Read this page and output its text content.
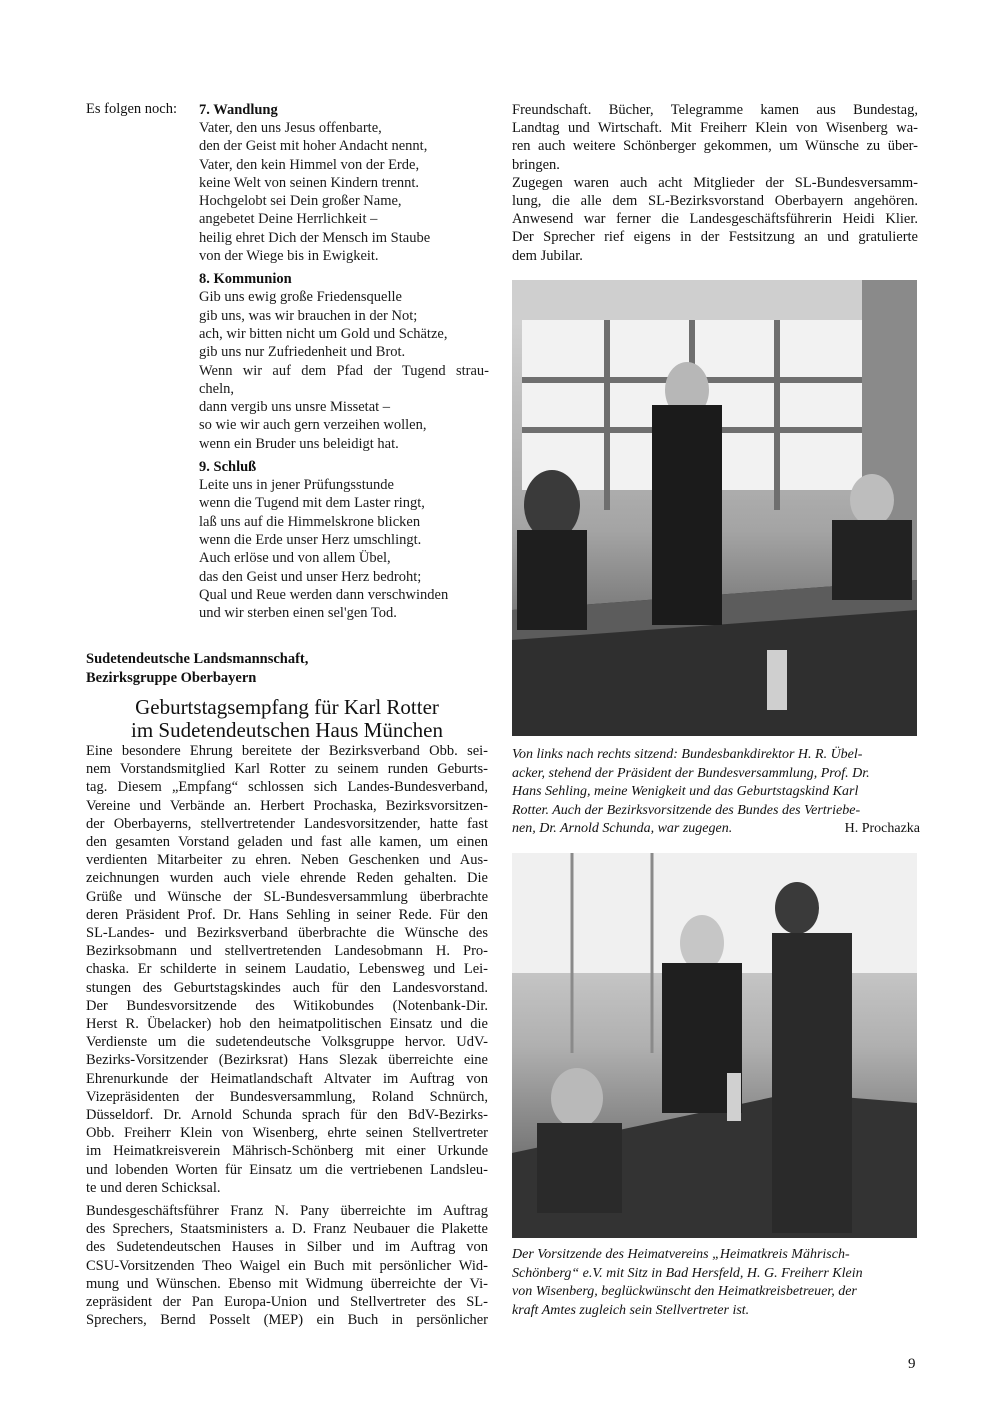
Es folgen noch: 7. Wandlung

Vater, den uns Jesus offenbarte,

den der Geist mit hoher Andacht nennt,

Vater, den kein Himmel von der Erde,

keine Welt von seinen Kindern trennt.

Hochgelobt sei Dein großer Name,

angebetet Deine Herrlichkeit –

heilig ehret Dich der Mensch im Staube

von der Wiege bis in Ewigkeit.

8. Kommunion

Gib uns ewig große Friedensquelle

gib uns, was wir brauchen in der Not;

ach, wir bitten nicht um Gold und Schätze,

gib uns nur Zufriedenheit und Brot.

Wenn wir auf dem Pfad der Tugend strau-

cheln,

dann vergib uns unsre Missetat –

so wie wir auch gern verzeihen wollen,

wenn ein Bruder uns beleidigt hat.

9. Schluß

Leite uns in jener Prüfungsstunde

wenn die Tugend mit dem Laster ringt,

laß uns auf die Himmelskrone blicken

wenn die Erde unser Herz umschlingt.

Auch erlöse und von allem Übel,

das den Geist und unser Herz bedroht;

Qual und Reue werden dann verschwinden

und wir sterben einen sel'gen Tod.

Sudetendeutsche Landsmannschaft,
Bezirksgruppe Oberbayern
Geburtstagsempfang für Karl Rotter
im Sudetendeutschen Haus München

Eine besondere Ehrung bereitete der Bezirksverband Obb. sei-

nem Vorstandsmitglied Karl Rotter zu seinem runden Geburts-

tag. Diesem „Empfang“ schlossen sich Landes-Bundesverband,

Vereine und Verbände an. Herbert Prochaska, Bezirksvorsitzen-

der Oberbayerns, stellvertretender Landesvorsitzender, hatte fast

den gesamten Vorstand geladen und fast alle kamen, um einen

verdienten Mitarbeiter zu ehren. Neben Geschenken und Aus-

zeichnungen wurden auch viele ehrende Reden gehalten. Die

Grüße und Wünsche der SL-Bundesversammlung überbrachte

deren Präsident Prof. Dr. Hans Sehling in seiner Rede. Für den

SL-Landes- und Bezirksverband überbrachte die Wünsche des

Bezirksobmann und stellvertretenden Landesobmann H. Pro-

chaska. Er schilderte in seinem Laudatio, Lebensweg und Lei-

stungen des Geburtstagskindes auch für den Landesvorstand.

Der Bundesvorsitzende des Witikobundes (Notenbank-Dir.

Herst R. Übelacker) hob den heimatpolitischen Einsatz und die

Verdienste um die sudetendeutsche Volksgruppe hervor. UdV-

Bezirks-Vorsitzender (Bezirksrat) Hans Slezak überreichte eine

Ehrenurkunde der Heimatlandschaft Altvater im Auftrag von

Vizepräsidenten der Bundesversammlung, Roland Schnürch,

Düsseldorf. Dr. Arnold Schunda sprach für den BdV-Bezirks-

Obb. Freiherr Klein von Wisenberg, ehrte seinen Stellvertreter

im Heimatkreisverein Mährisch-Schönberg mit einer Urkunde

und lobenden Worten für Einsatz um die vertriebenen Landsleu-

te und deren Schicksal.

Bundesgeschäftsführer Franz N. Pany überreichte im Auftrag

des Sprechers, Staatsministers a. D. Franz Neubauer die Plakette

des Sudetendeutschen Hauses in Silber und im Auftrag von

CSU-Vorsitzenden Theo Waigel ein Buch mit persönlicher Wid-

mung und Wünschen. Ebenso mit Widmung überreichte der Vi-

zepräsident der Pan Europa-Union und Stellvertreter des SL-

Sprechers, Bernd Posselt (MEP) ein Buch in persönlicher

Freundschaft. Bücher, Telegramme kamen aus Bundestag,

Landtag und Wirtschaft. Mit Freiherr Klein von Wisenberg wa-

ren auch weitere Schönberger gekommen, um Wünsche zu über-

bringen.

Zugegen waren auch acht Mitglieder der SL-Bundesversamm-

lung, die alle dem SL-Bezirksvorstand Oberbayern angehören.

Anwesend war ferner die Landesgeschäftsführerin Heidi Klier.

Der Sprecher rief eigens in der Festsitzung an und gratulierte

dem Jubilar.

Von links nach rechts sitzend: Bundesbankdirektor H. R. Übel-

acker, stehend der Präsident der Bundesversammlung, Prof. Dr.

Hans Sehling, meine Wenigkeit und das Geburtstagskind Karl

Rotter. Auch der Bezirksvorsitzende des Bundes des Vertriebe-

nen, Dr. Arnold Schunda, war zugegen.	H. Prochazka

Der Vorsitzende des Heimatvereins „Heimatkreis Mährisch-

Schönberg“ e.V. mit Sitz in Bad Hersfeld, H. G. Freiherr Klein

von Wisenberg, beglückwünscht den Heimatkreisbetreuer, der

kraft Amtes zugleich sein Stellvertreter ist.

9
